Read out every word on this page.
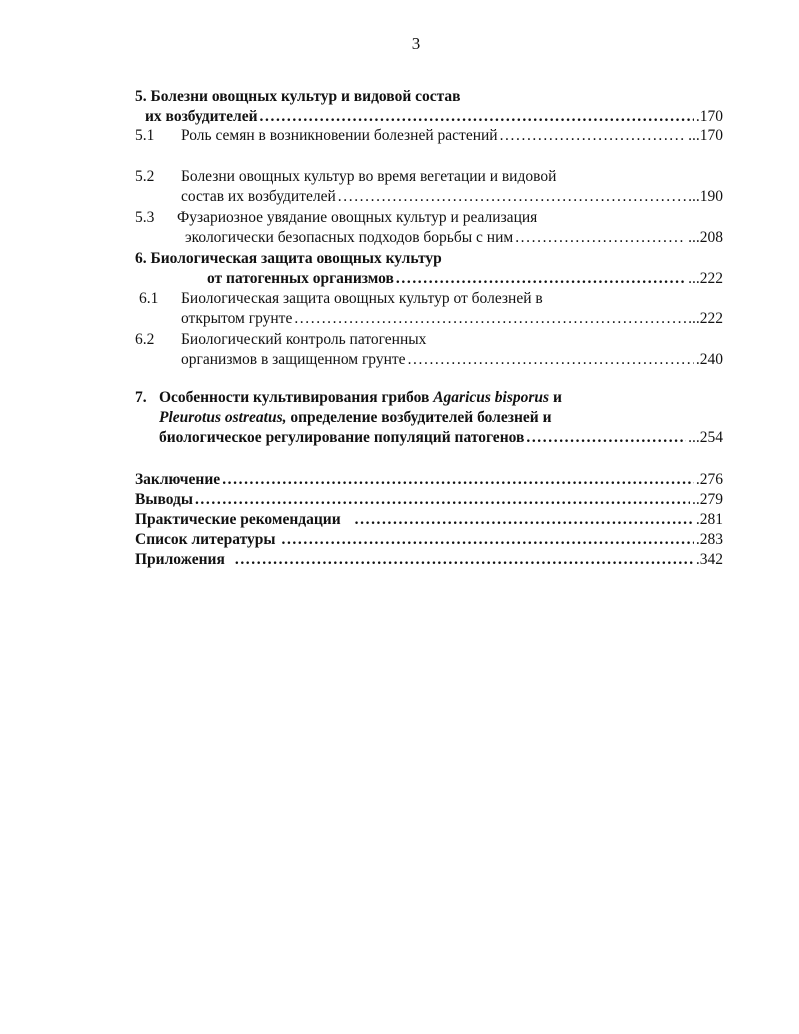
3
5.
Болезни овощных культур и видовой состав
их возбудителей .....	.170
5.1	Роль семян в возникновении болезней растений .....	...170
5.2	Болезни овощных культур во время вегетации и видовой
состав их возбудителей .....	...190
5.3	Фузариозное увядание овощных культур и реализация
экологически безопасных подходов борьбы с ним .....	...208
6.
Биологическая защита овощных культур
от патогенных организмов .....	...222
6.1	Биологическая защита овощных культур от болезней в
открытом грунте .....	...222
6.2	Биологический контроль патогенных
организмов в защищенном грунте .....	.240
7. Особенности культивирования грибов
Agaricus bisporus
и
Pleurotus ostreatus,
определение возбудителей болезней и
биологическое регулирование популяций патогенов .....	...254
Заключение .....	.276
Выводы .....	..279
Практические рекомендации .....	.281
Список литературы .....	.283
Приложения .....	.342
